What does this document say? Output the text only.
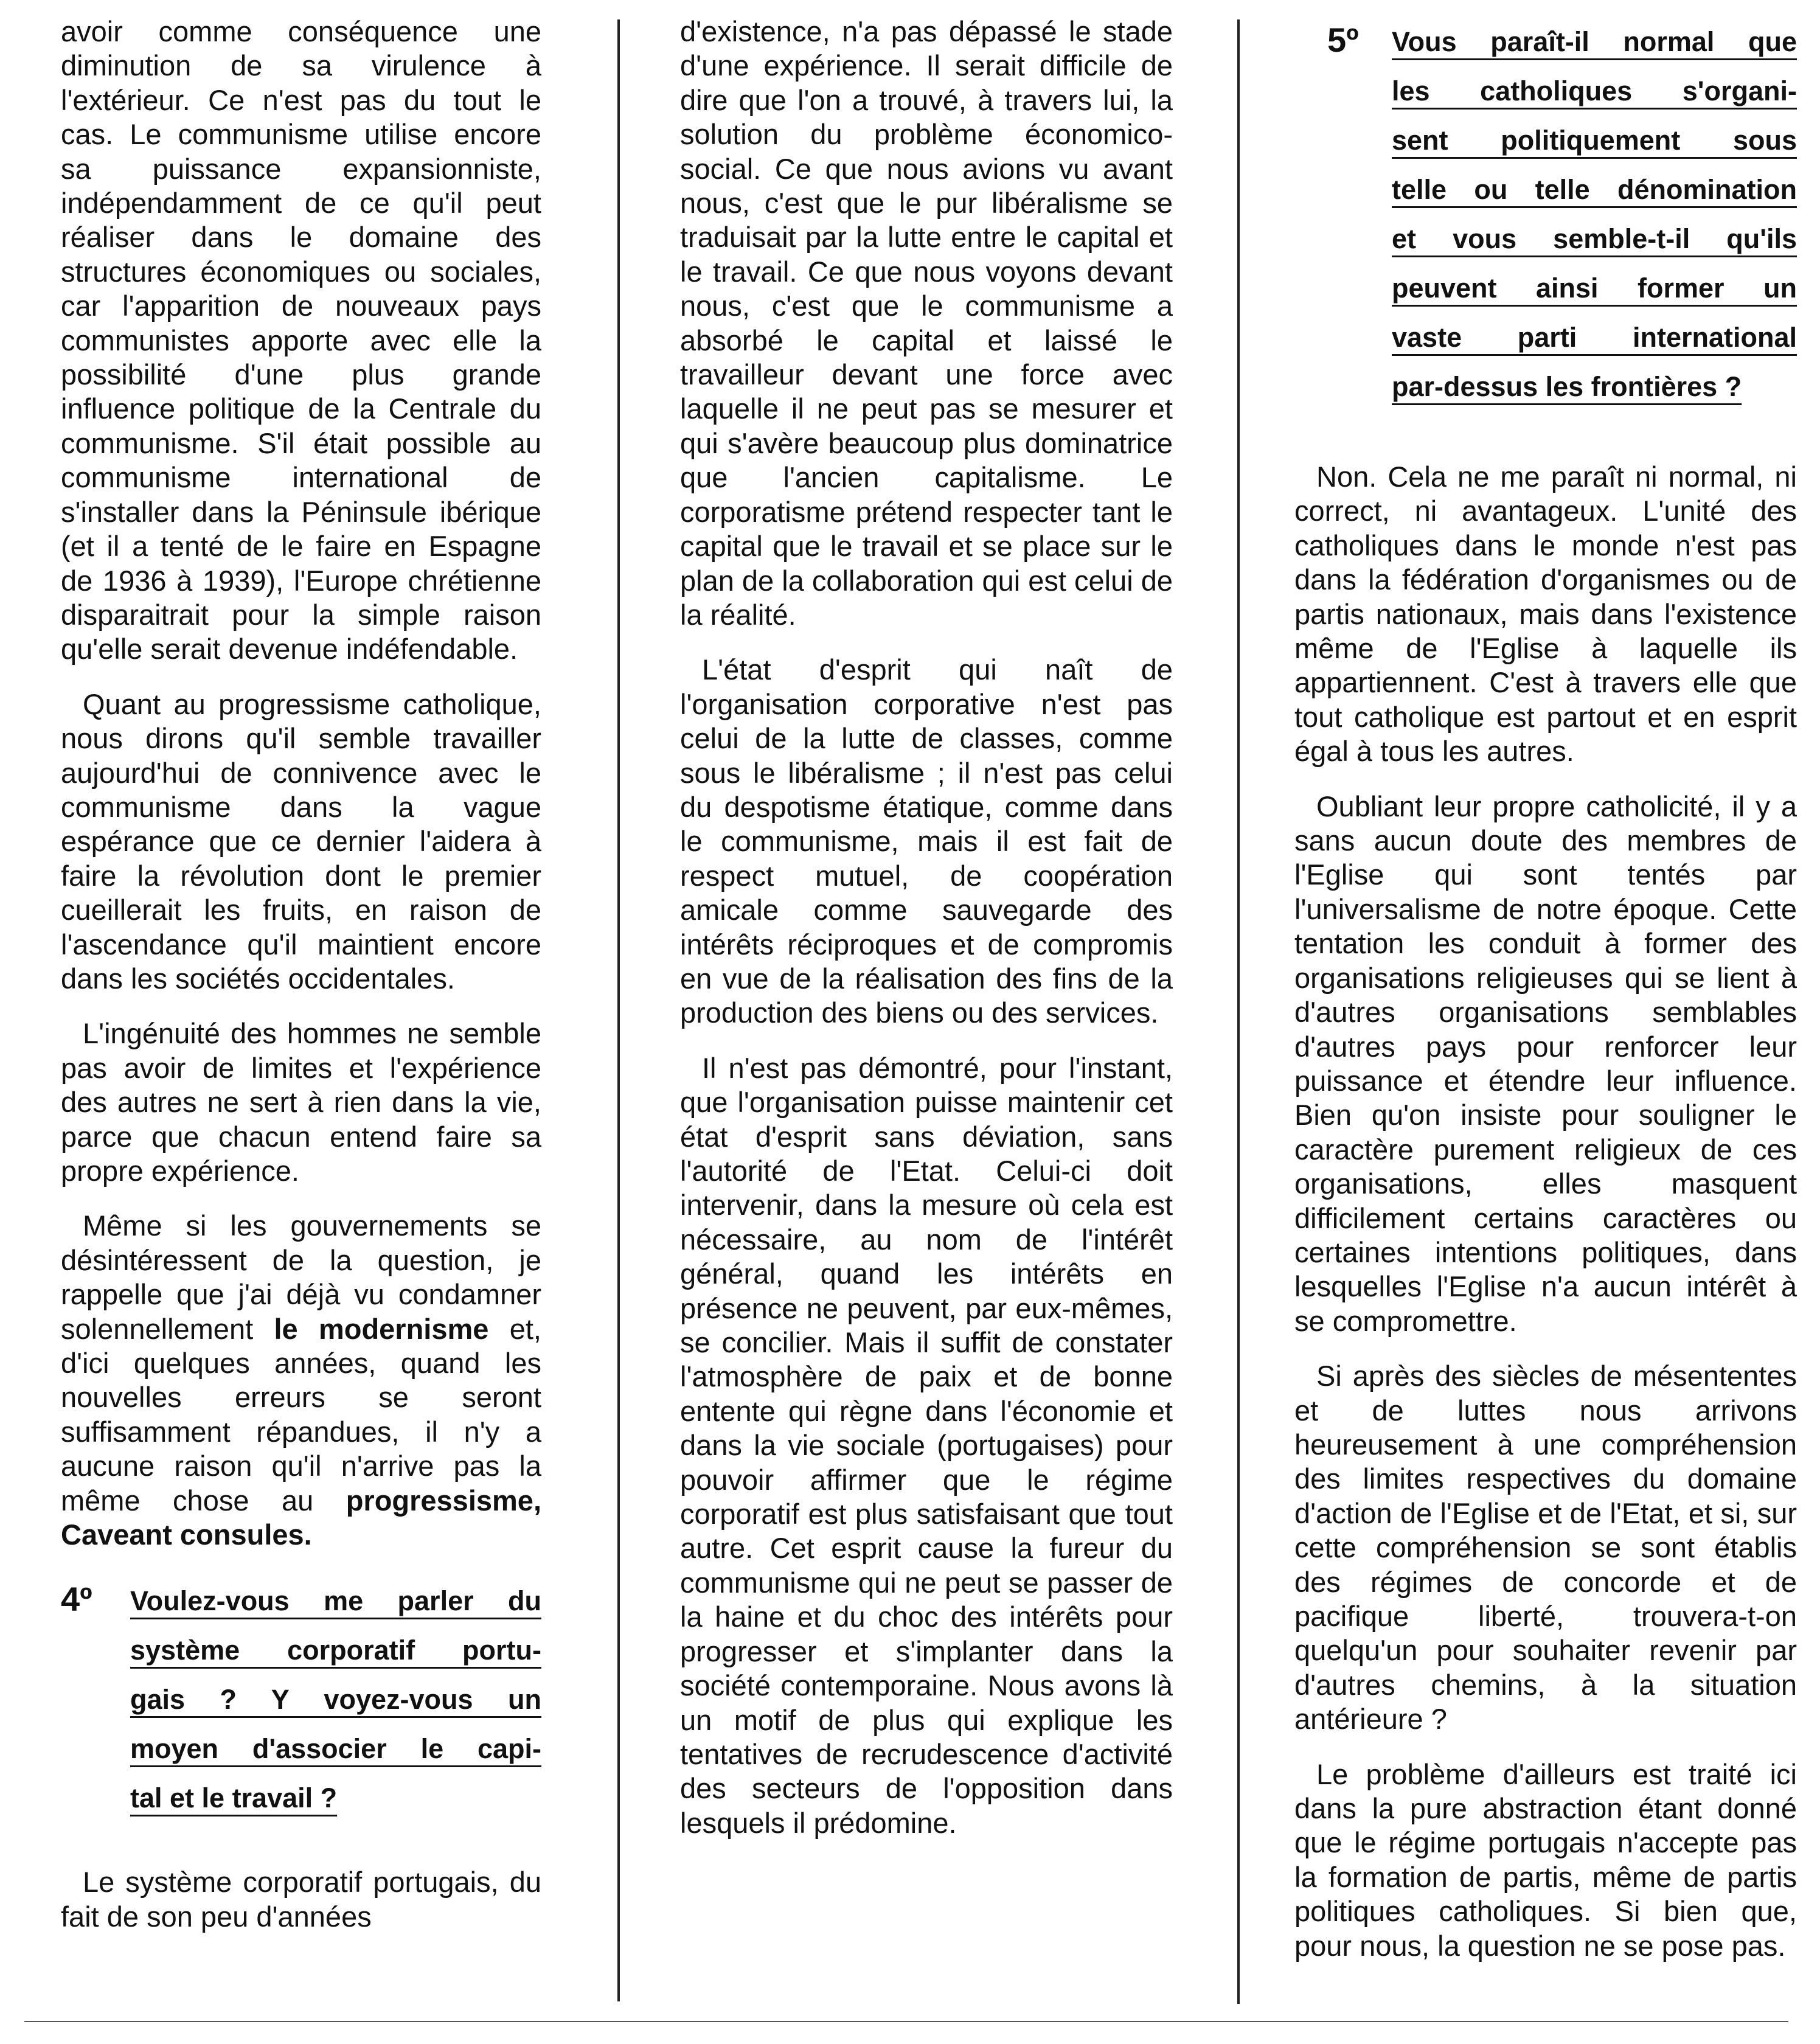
avoir comme conséquence une diminution de sa virulence à l'extérieur. Ce n'est pas du tout le cas. Le communisme utilise encore sa puissance expansionniste, indépendamment de ce qu'il peut réaliser dans le domaine des structures économiques ou sociales, car l'apparition de nouveaux pays communistes apporte avec elle la possibilité d'une plus grande influence politique de la Centrale du communisme. S'il était possible au communisme international de s'installer dans la Péninsule ibérique (et il a tenté de le faire en Espagne de 1936 à 1939), l'Europe chrétienne disparaitrait pour la simple raison qu'elle serait devenue indéfendable.

Quant au progressisme catholique, nous dirons qu'il semble travailler aujourd'hui de connivence avec le communisme dans la vague espérance que ce dernier l'aidera à faire la révolution dont le premier cueillerait les fruits, en raison de l'ascendance qu'il maintient encore dans les sociétés occidentales.

L'ingénuité des hommes ne semble pas avoir de limites et l'expérience des autres ne sert à rien dans la vie, parce que chacun entend faire sa propre expérience.

Même si les gouvernements se désintéressent de la question, je rappelle que j'ai déjà vu condamner solennellement le modernisme et, d'ici quelques années, quand les nouvelles erreurs se seront suffisamment répandues, il n'y a aucune raison qu'il n'arrive pas la même chose au progressisme, Caveant consules.

4º Voulez-vous me parler du
système corporatif portu-
gais ? Y voyez-vous un
moyen d'associer le capi-
tal et le travail ?

Le système corporatif portugais, du fait de son peu d'années

d'existence, n'a pas dépassé le stade d'une expérience. Il serait difficile de dire que l'on a trouvé, à travers lui, la solution du problème économico-social. Ce que nous avions vu avant nous, c'est que le pur libéralisme se traduisait par la lutte entre le capital et le travail. Ce que nous voyons devant nous, c'est que le communisme a absorbé le capital et laissé le travailleur devant une force avec laquelle il ne peut pas se mesurer et qui s'avère beaucoup plus dominatrice que l'ancien capitalisme. Le corporatisme prétend respecter tant le capital que le travail et se place sur le plan de la collaboration qui est celui de la réalité.

L'état d'esprit qui naît de l'organisation corporative n'est pas celui de la lutte de classes, comme sous le libéralisme ; il n'est pas celui du despotisme étatique, comme dans le communisme, mais il est fait de respect mutuel, de coopération amicale comme sauvegarde des intérêts réciproques et de compromis en vue de la réalisation des fins de la production des biens ou des services.

Il n'est pas démontré, pour l'instant, que l'organisation puisse maintenir cet état d'esprit sans déviation, sans l'autorité de l'Etat. Celui-ci doit intervenir, dans la mesure où cela est nécessaire, au nom de l'intérêt général, quand les intérêts en présence ne peuvent, par eux-mêmes, se concilier. Mais il suffit de constater l'atmosphère de paix et de bonne entente qui règne dans l'économie et dans la vie sociale (portugaises) pour pouvoir affirmer que le régime corporatif est plus satisfaisant que tout autre. Cet esprit cause la fureur du communisme qui ne peut se passer de la haine et du choc des intérêts pour progresser et s'implanter dans la société contemporaine. Nous avons là un motif de plus qui explique les tentatives de recrudescence d'activité des secteurs de l'opposition dans lesquels il prédomine.

5º Vous paraît-il normal que
les catholiques s'organi-
sent politiquement sous
telle ou telle dénomination
et vous semble-t-il qu'ils
peuvent ainsi former un
vaste parti international
par-dessus les frontières ?

Non. Cela ne me paraît ni normal, ni correct, ni avantageux. L'unité des catholiques dans le monde n'est pas dans la fédération d'organismes ou de partis nationaux, mais dans l'existence même de l'Eglise à laquelle ils appartiennent. C'est à travers elle que tout catholique est partout et en esprit égal à tous les autres.

Oubliant leur propre catholicité, il y a sans aucun doute des membres de l'Eglise qui sont tentés par l'universalisme de notre époque. Cette tentation les conduit à former des organisations religieuses qui se lient à d'autres organisations semblables d'autres pays pour renforcer leur puissance et étendre leur influence. Bien qu'on insiste pour souligner le caractère purement religieux de ces organisations, elles masquent difficilement certains caractères ou certaines intentions politiques, dans lesquelles l'Eglise n'a aucun intérêt à se compromettre.

Si après des siècles de mésententes et de luttes nous arrivons heureusement à une compréhension des limites respectives du domaine d'action de l'Eglise et de l'Etat, et si, sur cette compréhension se sont établis des régimes de concorde et de pacifique liberté, trouvera-t-on quelqu'un pour souhaiter revenir par d'autres chemins, à la situation antérieure ?

Le problème d'ailleurs est traité ici dans la pure abstraction étant donné que le régime portugais n'accepte pas la formation de partis, même de partis politiques catholiques. Si bien que, pour nous, la question ne se pose pas.
